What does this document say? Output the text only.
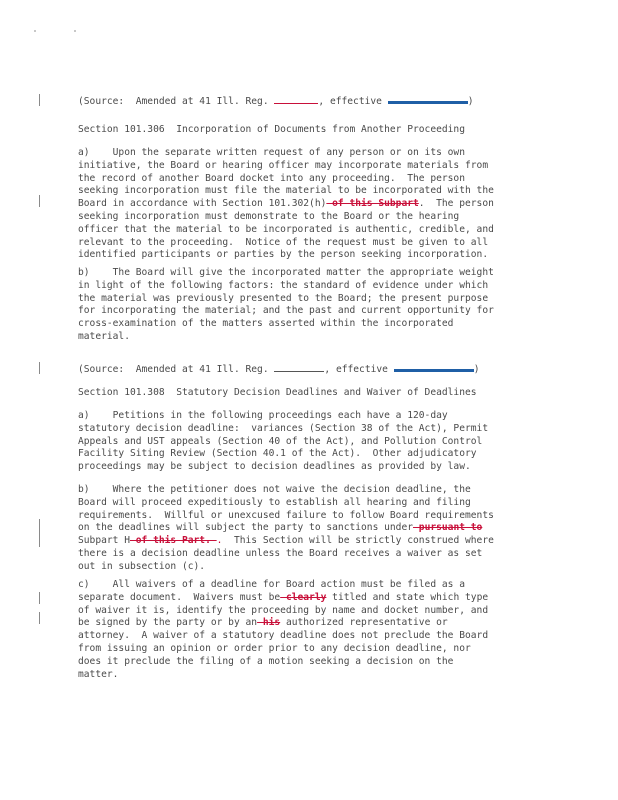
(Source:  Amended at 41 Ill. Reg.	, effective	)

Section 101.306  Incorporation of Documents from Another Proceeding

a)    Upon the separate written request of any person or on its own
initiative, the Board or hearing officer may incorporate materials from
the record of another Board docket into any proceeding.  The person
seeking incorporation must file the material to be incorporated with the
Board in accordance with Section 101.302(h) of this Subpart.  The person
seeking incorporation must demonstrate to the Board or the hearing
officer that the material to be incorporated is authentic, credible, and
relevant to the proceeding.  Notice of the request must be given to all
identified participants or parties by the person seeking incorporation.

b)    The Board will give the incorporated matter the appropriate weight
in light of the following factors: the standard of evidence under which
the material was previously presented to the Board; the present purpose
for incorporating the material; and the past and current opportunity for
cross-examination of the matters asserted within the incorporated
material.

(Source:  Amended at 41 Ill. Reg.	, effective	)

Section 101.308  Statutory Decision Deadlines and Waiver of Deadlines

a)    Petitions in the following proceedings each have a 120-day
statutory decision deadline:  variances (Section 38 of the Act), Permit
Appeals and UST appeals (Section 40 of the Act), and Pollution Control
Facility Siting Review (Section 40.1 of the Act).  Other adjudicatory
proceedings may be subject to decision deadlines as provided by law.

b)    Where the petitioner does not waive the decision deadline, the
Board will proceed expeditiously to establish all hearing and filing
requirements.  Willful or unexcused failure to follow Board requirements
on the deadlines will subject the party to sanctions under pursuant to
Subpart H of this Part. .  This Section will be strictly construed where
there is a decision deadline unless the Board receives a waiver as set
out in subsection (c).

c)    All waivers of a deadline for Board action must be filed as a
separate document.  Waivers must be clearly titled and state which type
of waiver it is, identify the proceeding by name and docket number, and
be signed by the party or by an his authorized representative or
attorney.  A waiver of a statutory deadline does not preclude the Board
from issuing an opinion or order prior to any decision deadline, nor
does it preclude the filing of a motion seeking a decision on the
matter.
